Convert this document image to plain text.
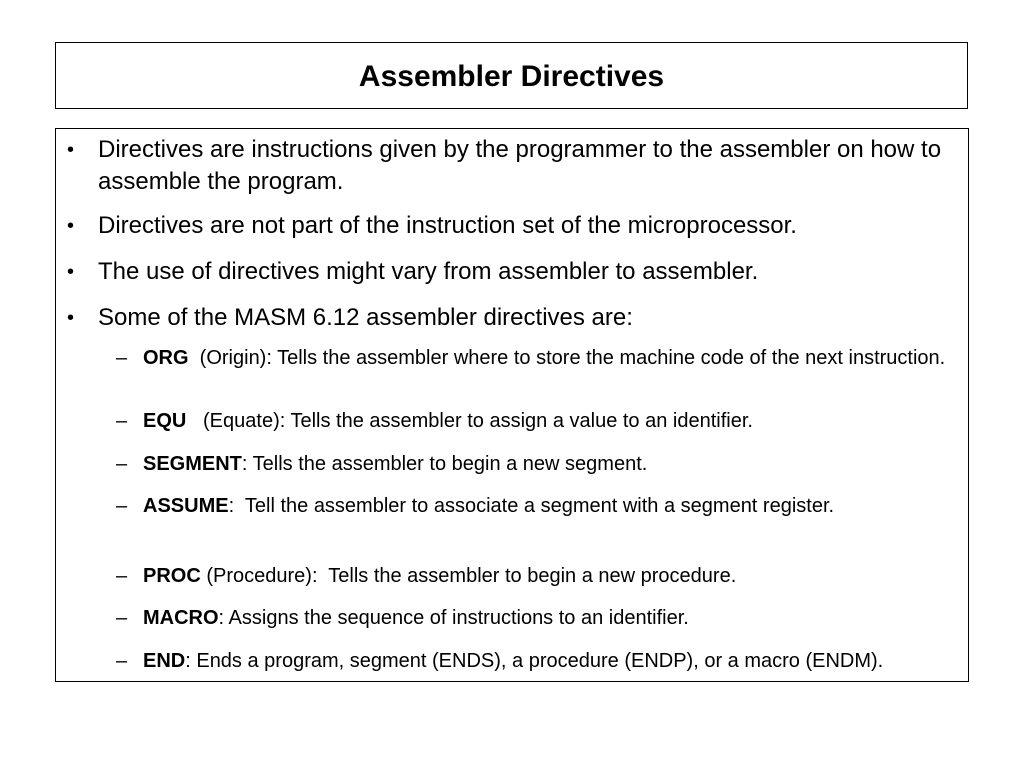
Assembler Directives
• Directives are instructions given by the programmer to the assembler on how to assemble the program.
• Directives are not part of the instruction set of the microprocessor.
• The use of directives might vary from assembler to assembler.
• Some of the MASM 6.12 assembler directives are:
– ORG  (Origin): Tells the assembler where to store the machine code of the next instruction.
– EQU   (Equate): Tells the assembler to assign a value to an identifier.
– SEGMENT: Tells the assembler to begin a new segment.
– ASSUME:  Tell the assembler to associate a segment with a segment register.
– PROC (Procedure):  Tells the assembler to begin a new procedure.
– MACRO: Assigns the sequence of instructions to an identifier.
– END: Ends a program, segment (ENDS), a procedure (ENDP), or a macro (ENDM).
